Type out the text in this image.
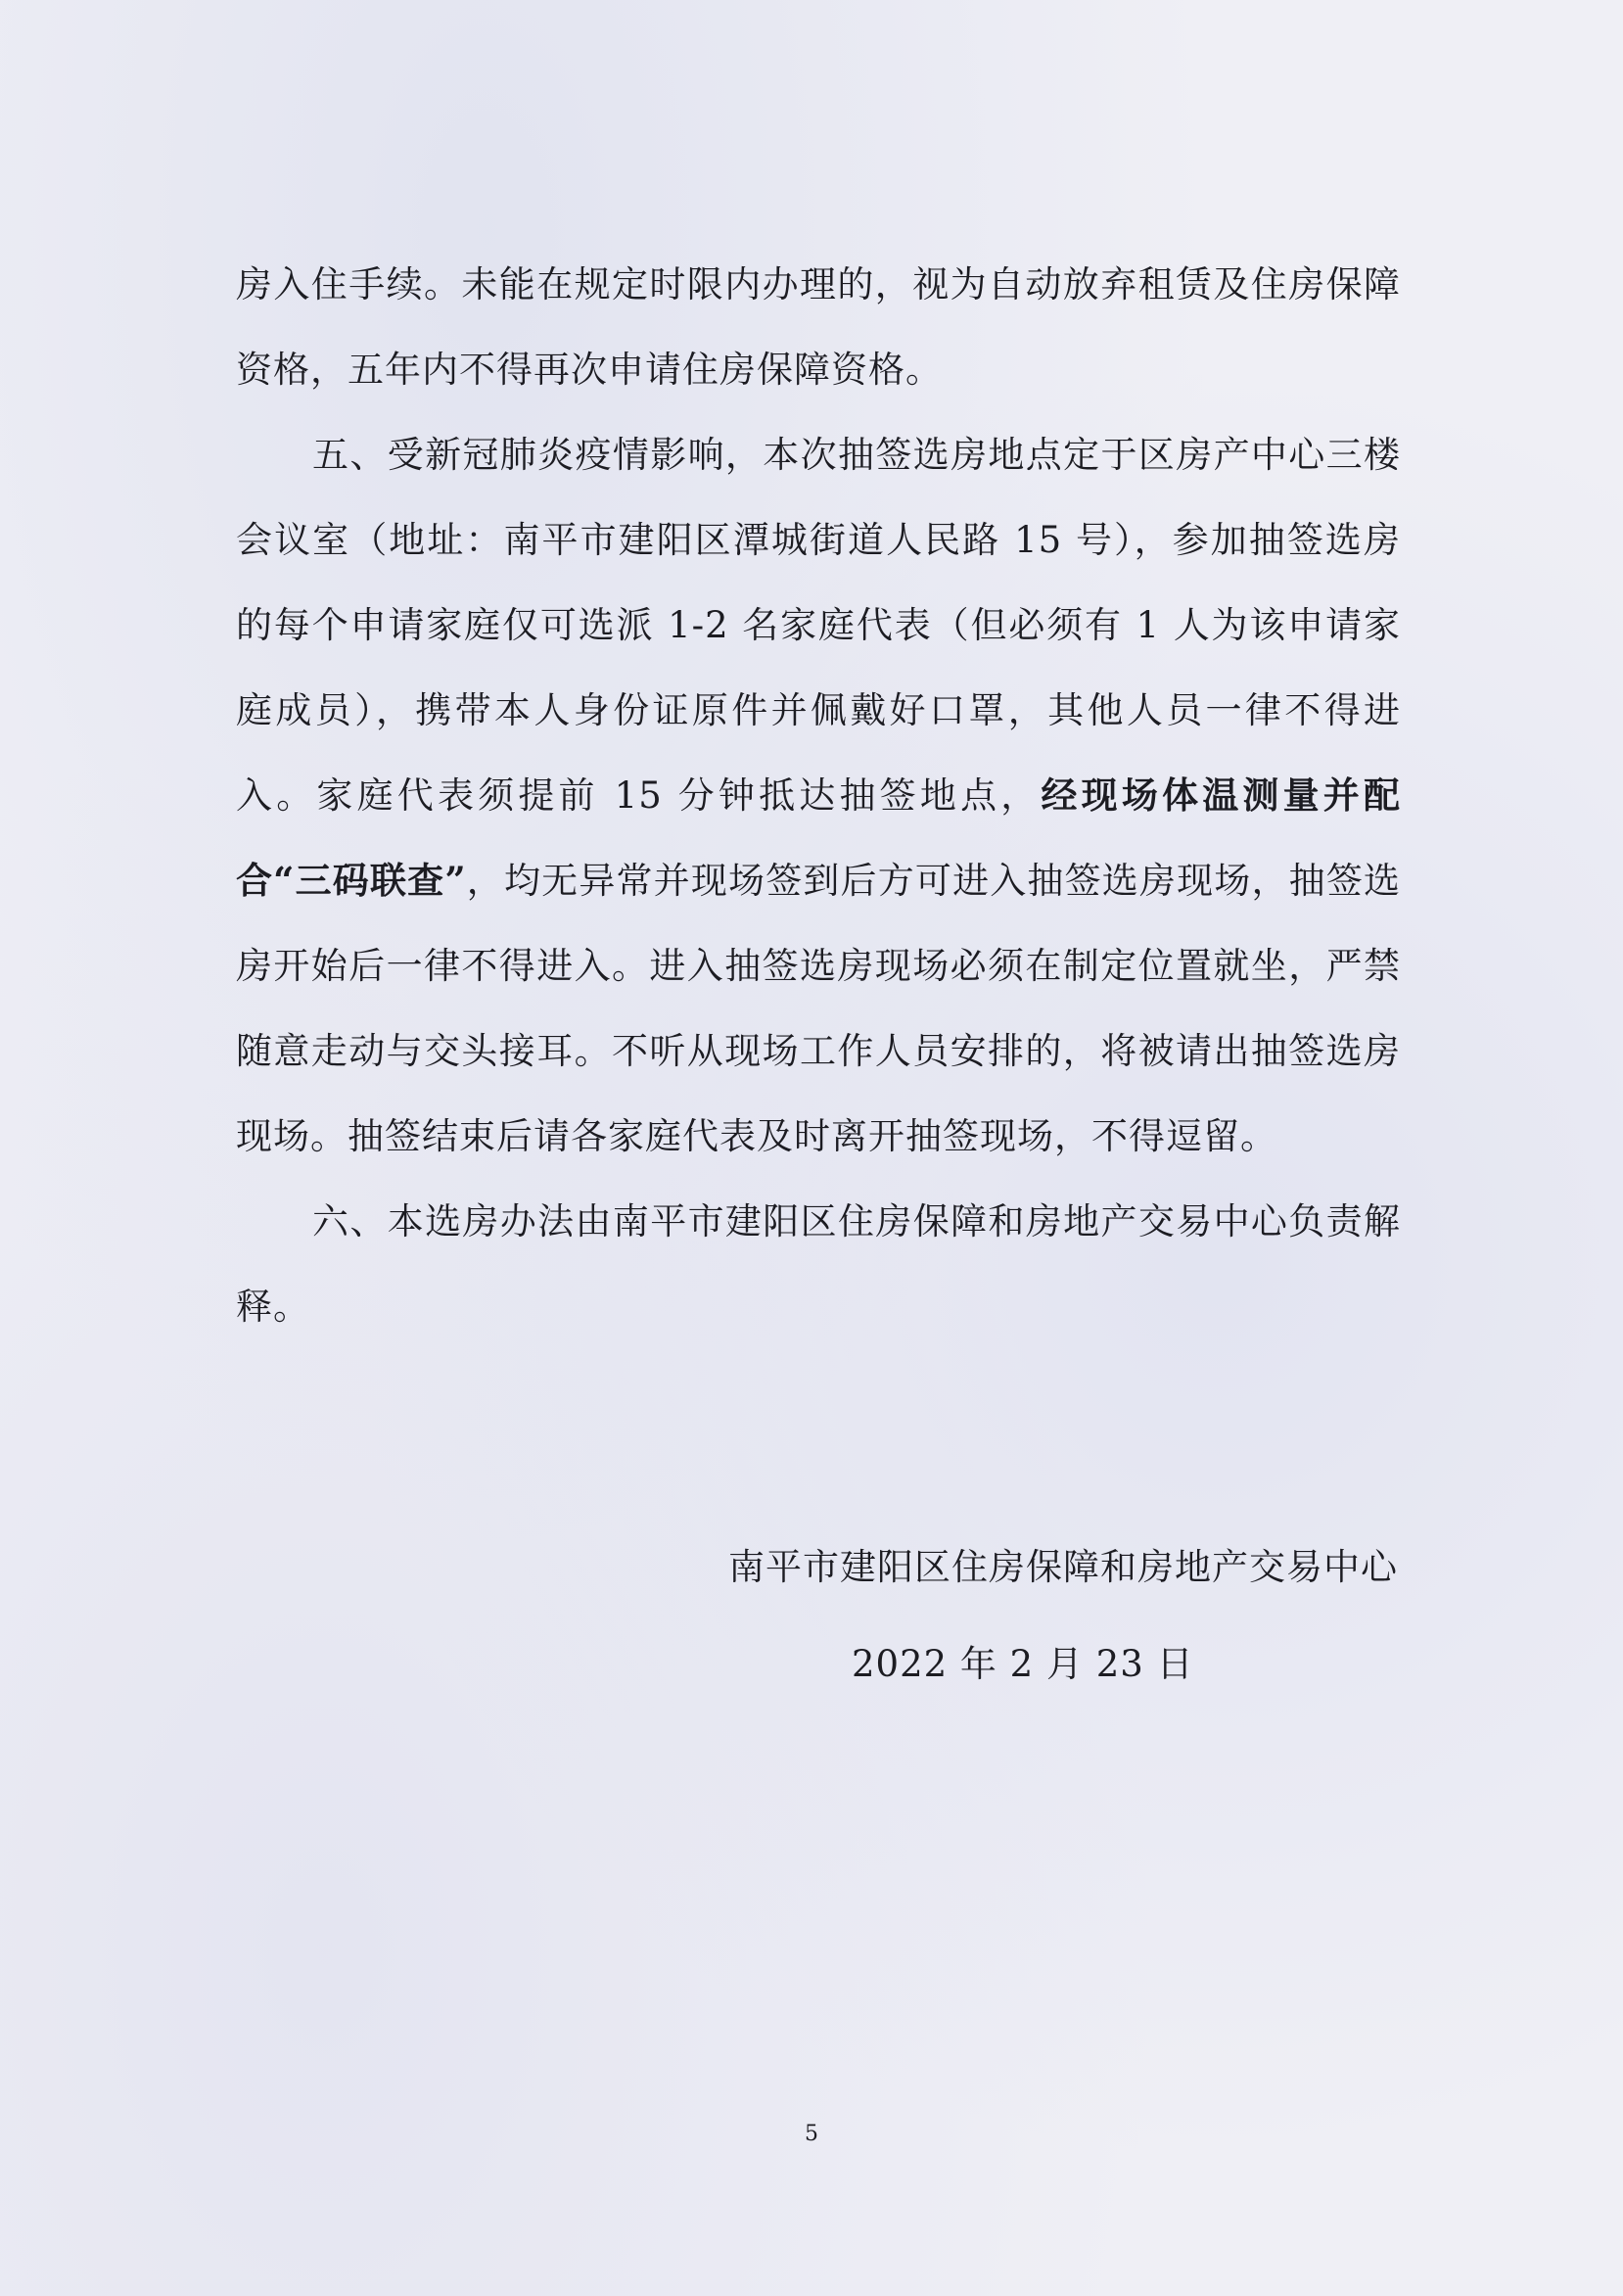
房入住手续。未能在规定时限内办理的，视为自动放弃租赁及住房保障资格，五年内不得再次申请住房保障资格。

五、受新冠肺炎疫情影响，本次抽签选房地点定于区房产中心三楼会议室（地址：南平市建阳区潭城街道人民路 15 号），参加抽签选房的每个申请家庭仅可选派 1-2 名家庭代表（但必须有 1 人为该申请家庭成员），携带本人身份证原件并佩戴好口罩，其他人员一律不得进入。家庭代表须提前 15 分钟抵达抽签地点，经现场体温测量并配合“三码联查”，均无异常并现场签到后方可进入抽签选房现场，抽签选房开始后一律不得进入。进入抽签选房现场必须在制定位置就坐，严禁随意走动与交头接耳。不听从现场工作人员安排的，将被请出抽签选房现场。抽签结束后请各家庭代表及时离开抽签现场，不得逗留。

六、本选房办法由南平市建阳区住房保障和房地产交易中心负责解释。

南平市建阳区住房保障和房地产交易中心
2022 年 2 月 23 日
5
